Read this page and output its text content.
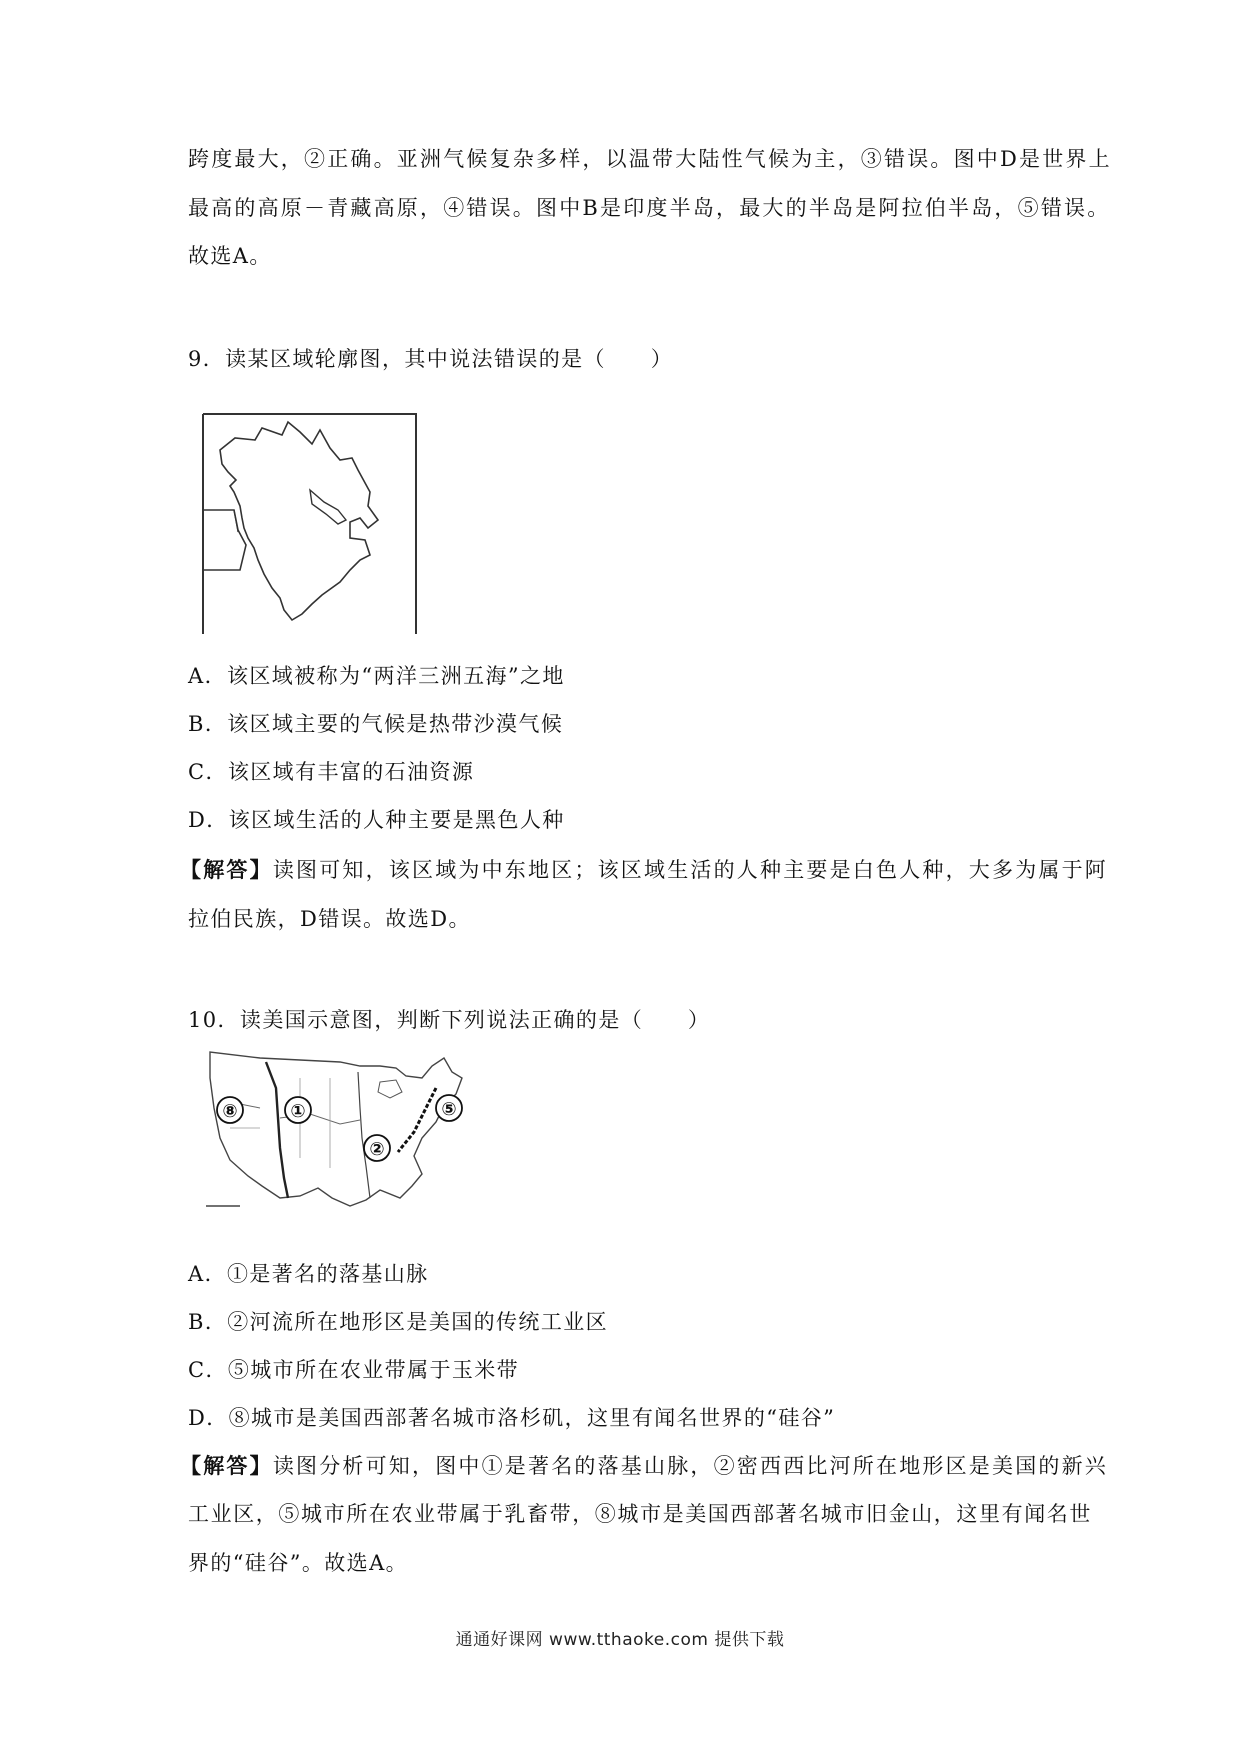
跨度最大，②正确。亚洲气候复杂多样，以温带大陆性气候为主，③错误。图中D是世界上
最高的高原－青藏高原，④错误。图中B是印度半岛，最大的半岛是阿拉伯半岛，⑤错误。
故选A。
9．读某区域轮廓图，其中说法错误的是（　　）
A．该区域被称为“两洋三洲五海”之地
B．该区域主要的气候是热带沙漠气候
C．该区域有丰富的石油资源
D．该区域生活的人种主要是黑色人种
【解答】读图可知，该区域为中东地区；该区域生活的人种主要是白色人种，大多为属于阿
拉伯民族，D错误。故选D。
10．读美国示意图，判断下列说法正确的是（　　）
⑧	①	⑤
②
A．①是著名的落基山脉
B．②河流所在地形区是美国的传统工业区
C．⑤城市所在农业带属于玉米带
D．⑧城市是美国西部著名城市洛杉矶，这里有闻名世界的“硅谷”
【解答】读图分析可知，图中①是著名的落基山脉，②密西西比河所在地形区是美国的新兴
工业区，⑤城市所在农业带属于乳畜带，⑧城市是美国西部著名城市旧金山，这里有闻名世
界的“硅谷”。故选A。
通通好课网 www.tthaoke.com 提供下载
